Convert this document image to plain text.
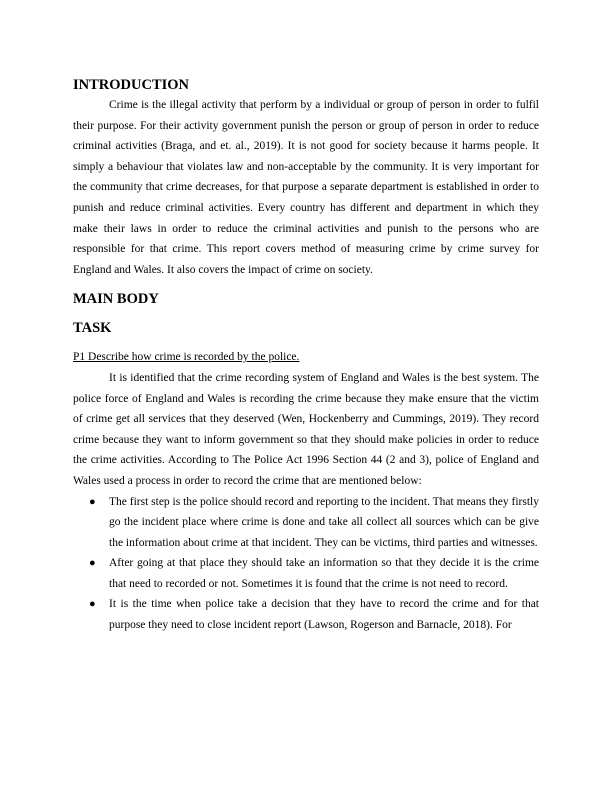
INTRODUCTION

Crime is the illegal activity that perform by a individual or group of person in order to fulfil their purpose. For their activity government punish the person or group of person in order to reduce criminal activities (Braga, and et. al., 2019). It is not good for society because it harms people. It simply a behaviour that violates law and non-acceptable by the community. It is very important for the community that crime decreases, for that purpose a separate department is established in order to punish and reduce criminal activities. Every country has different and department in which they make their laws in order to reduce the criminal activities and punish to the persons who are responsible for that crime. This report covers method of measuring crime by crime survey for England and Wales. It also covers the impact of crime on society.

MAIN BODY
TASK
P1 Describe how crime is recorded by the police.

It is identified that the crime recording system of England and Wales is the best system. The police force of England and Wales is recording the crime because they make ensure that the victim of crime get all services that they deserved (Wen, Hockenberry and Cummings, 2019). They record crime because they want to inform government so that they should make policies in order to reduce the crime activities. According to The Police Act 1996 Section 44 (2 and 3), police of England and Wales used a process in order to record the crime that are mentioned below:

● The first step is the police should record and reporting to the incident. That means they firstly go the incident place where crime is done and take all collect all sources which can be give the information about crime at that incident. They can be victims, third parties and witnesses.
● After going at that place they should take an information so that they decide it is the crime that need to recorded or not. Sometimes it is found that the crime is not need to record.
● It is the time when police take a decision that they have to record the crime and for that purpose they need to close incident report (Lawson, Rogerson and Barnacle, 2018). For
